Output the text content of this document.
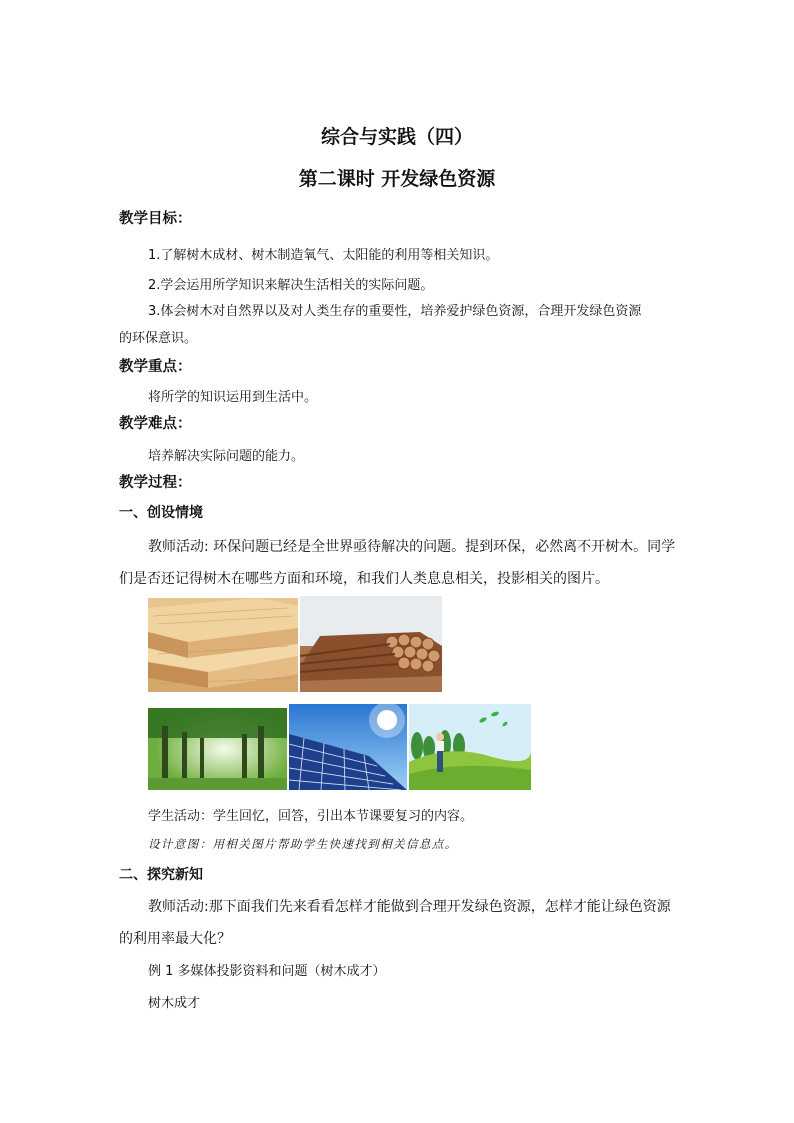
综合与实践（四）
第二课时 开发绿色资源
教学目标：
1.了解树木成材、树木制造氧气、太阳能的利用等相关知识。
2.学会运用所学知识来解决生活相关的实际问题。
3.体会树木对自然界以及对人类生存的重要性，培养爱护绿色资源，合理开发绿色资源
的环保意识。
教学重点：
将所学的知识运用到生活中。
教学难点：
培养解决实际问题的能力。
教学过程：
一、创设情境
教师活动: 环保问题已经是全世界亟待解决的问题。提到环保，必然离不开树木。同学
们是否还记得树木在哪些方面和环境，和我们人类息息相关，投影相关的图片。
学生活动：学生回忆，回答，引出本节课要复习的内容。
设计意图：用相关图片帮助学生快速找到相关信息点。
二、探究新知
教师活动:那下面我们先来看看怎样才能做到合理开发绿色资源，怎样才能让绿色资源
的利用率最大化？
例 1 多媒体投影资料和问题（树木成才）
树木成才
